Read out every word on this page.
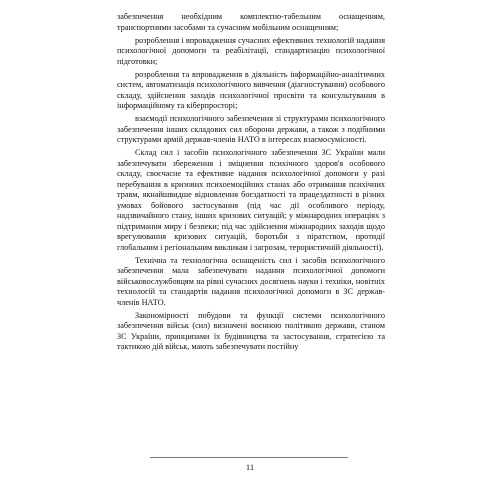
забезпечення необхідним комплектно-табельним оснащенням, транспортними засобами та сучасним мобільним оснащенням;

розроблення і впровадження сучасних ефективних технологій надання психологічної допомоги та реабілітації, стандартизацію психологічної підготовки;

розроблення та впровадження в діяльність інформаційно-аналітичних систем, автоматизація психологічного вивчення (діагностування) особового складу, здійснення заходів психологічної просвіти та консультування в інформаційному та кіберпросторі;

взаємодії психологічного забезпечення зі структурами психологічного забезпечення інших складових сил оборони держави, а також з подібними структурами армій держав-членів НАТО в інтересах взаємосумісності.

Склад сил і засобів психологічного забезпечення ЗС України мали забезпечувати збереження і зміцнення психічного здоров'я особового складу, своєчасне та ефективне надання психологічної допомоги у разі перебування в кризових психоемоційних станах або отримання психічних травм, якнайшвидше відновлення боєздатності та працездатності в різних умовах бойового застосування (під час дії особливого періоду, надзвичайного стану, інших кризових ситуацій; у міжнародних операціях з підтримання миру і безпеки; під час здійснення міжнародних заходів щодо врегулювання кризових ситуацій, боротьби з піратством, протидії глобальним і регіональним викликам і загрозам, терористичній діяльності).

Технічна та технологічна оснащеність сил і засобів психологічного забезпечення мала забезпечувати надання психологічної допомоги військовослужбовцям на рівні сучасних досягнень науки і техніки, новітніх технологій та стандартів надання психологічної допомоги в ЗС держав-членів НАТО.

Закономірності побудови та функції системи психологічного забезпечення військ (сил) визначені воєнною політикою держави, станом ЗС України, принципами їх будівництва та застосування, стратегією та тактикою дій військ, мають забезпечувати постійну

11
